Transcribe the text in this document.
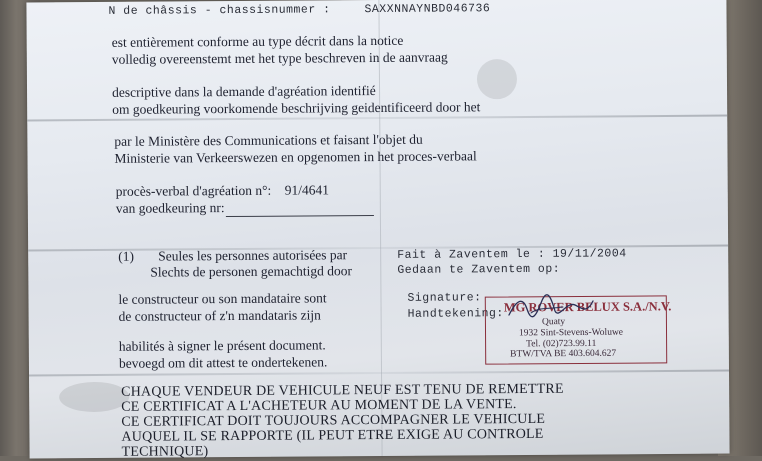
N de châssis - chassisnummer :	SAXXNNAYNBD046736
est entièrement conforme au type décrit dans la notice
volledig overeenstemt met het type beschreven in de aanvraag
descriptive dans la demande d'agréation identifié
om goedkeuring voorkomende beschrijving geidentificeerd door het
par le Ministère des Communications et faisant l'objet du
Ministerie van Verkeerswezen en opgenomen in het proces-verbaal
procès-verbal d'agréation n°: 91/4641
van goedkeuring nr:
(1) Seules les personnes autorisées par
Slechts de personen gemachtigd door
le constructeur ou son mandataire sont
de constructeur of z'n mandataris zijn
habilités à signer le présent document.
bevoegd om dit attest te ondertekenen.
Fait à Zaventem le : 19/11/2004
Gedaan te Zaventem op:
Signature:
Handtekening:
CHAQUE VENDEUR DE VEHICULE NEUF EST TENU DE REMETTRE
CE CERTIFICAT A L'ACHETEUR AU MOMENT DE LA VENTE.
CE CERTIFICAT DOIT TOUJOURS ACCOMPAGNER LE VEHICULE
AUQUEL IL SE RAPPORTE (IL PEUT ETRE EXIGE AU CONTROLE
TECHNIQUE)
MG ROVER BELUX S.A./N.V.
Quaty
1932 Sint-Stevens-Woluwe
Tel. (02)723.99.11
BTW/TVA BE 403.604.627
